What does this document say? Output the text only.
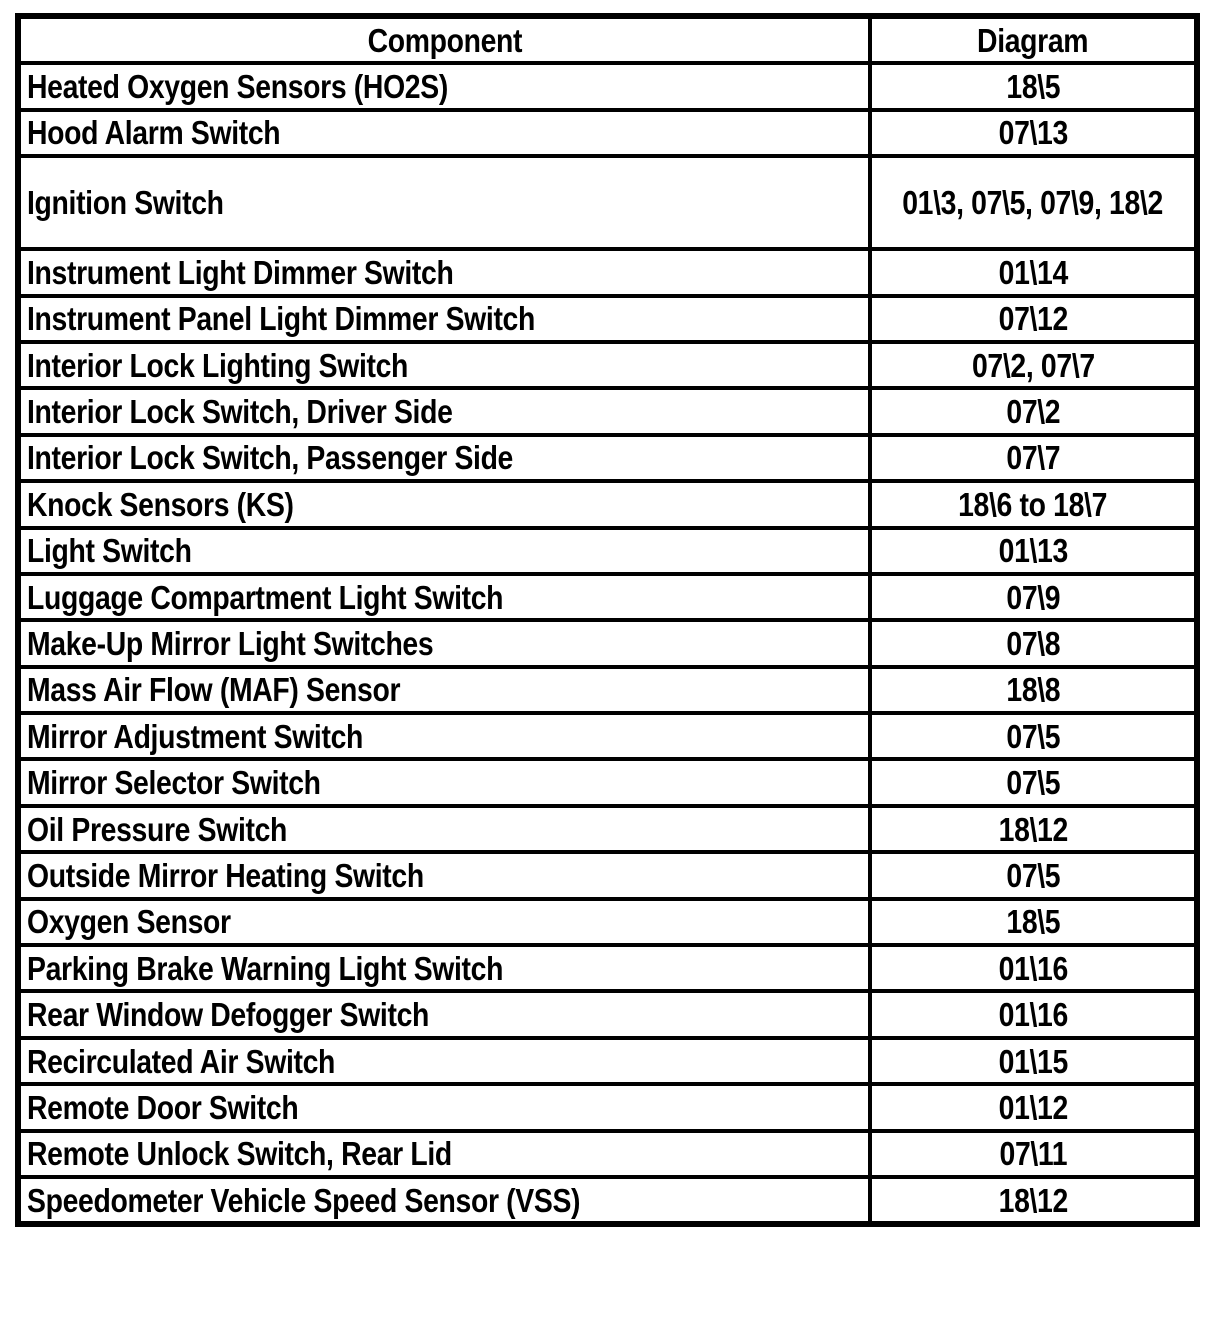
Component	Diagram
Heated Oxygen Sensors (HO2S)	18\5
Hood Alarm Switch	07\13
Ignition Switch	01\3, 07\5, 07\9, 18\2
Instrument Light Dimmer Switch	01\14
Instrument Panel Light Dimmer Switch	07\12
Interior Lock Lighting Switch	07\2, 07\7
Interior Lock Switch, Driver Side	07\2
Interior Lock Switch, Passenger Side	07\7
Knock Sensors (KS)	18\6 to 18\7
Light Switch	01\13
Luggage Compartment Light Switch	07\9
Make-Up Mirror Light Switches	07\8
Mass Air Flow (MAF) Sensor	18\8
Mirror Adjustment Switch	07\5
Mirror Selector Switch	07\5
Oil Pressure Switch	18\12
Outside Mirror Heating Switch	07\5
Oxygen Sensor	18\5
Parking Brake Warning Light Switch	01\16
Rear Window Defogger Switch	01\16
Recirculated Air Switch	01\15
Remote Door Switch	01\12
Remote Unlock Switch, Rear Lid	07\11
Speedometer Vehicle Speed Sensor (VSS)	18\12
